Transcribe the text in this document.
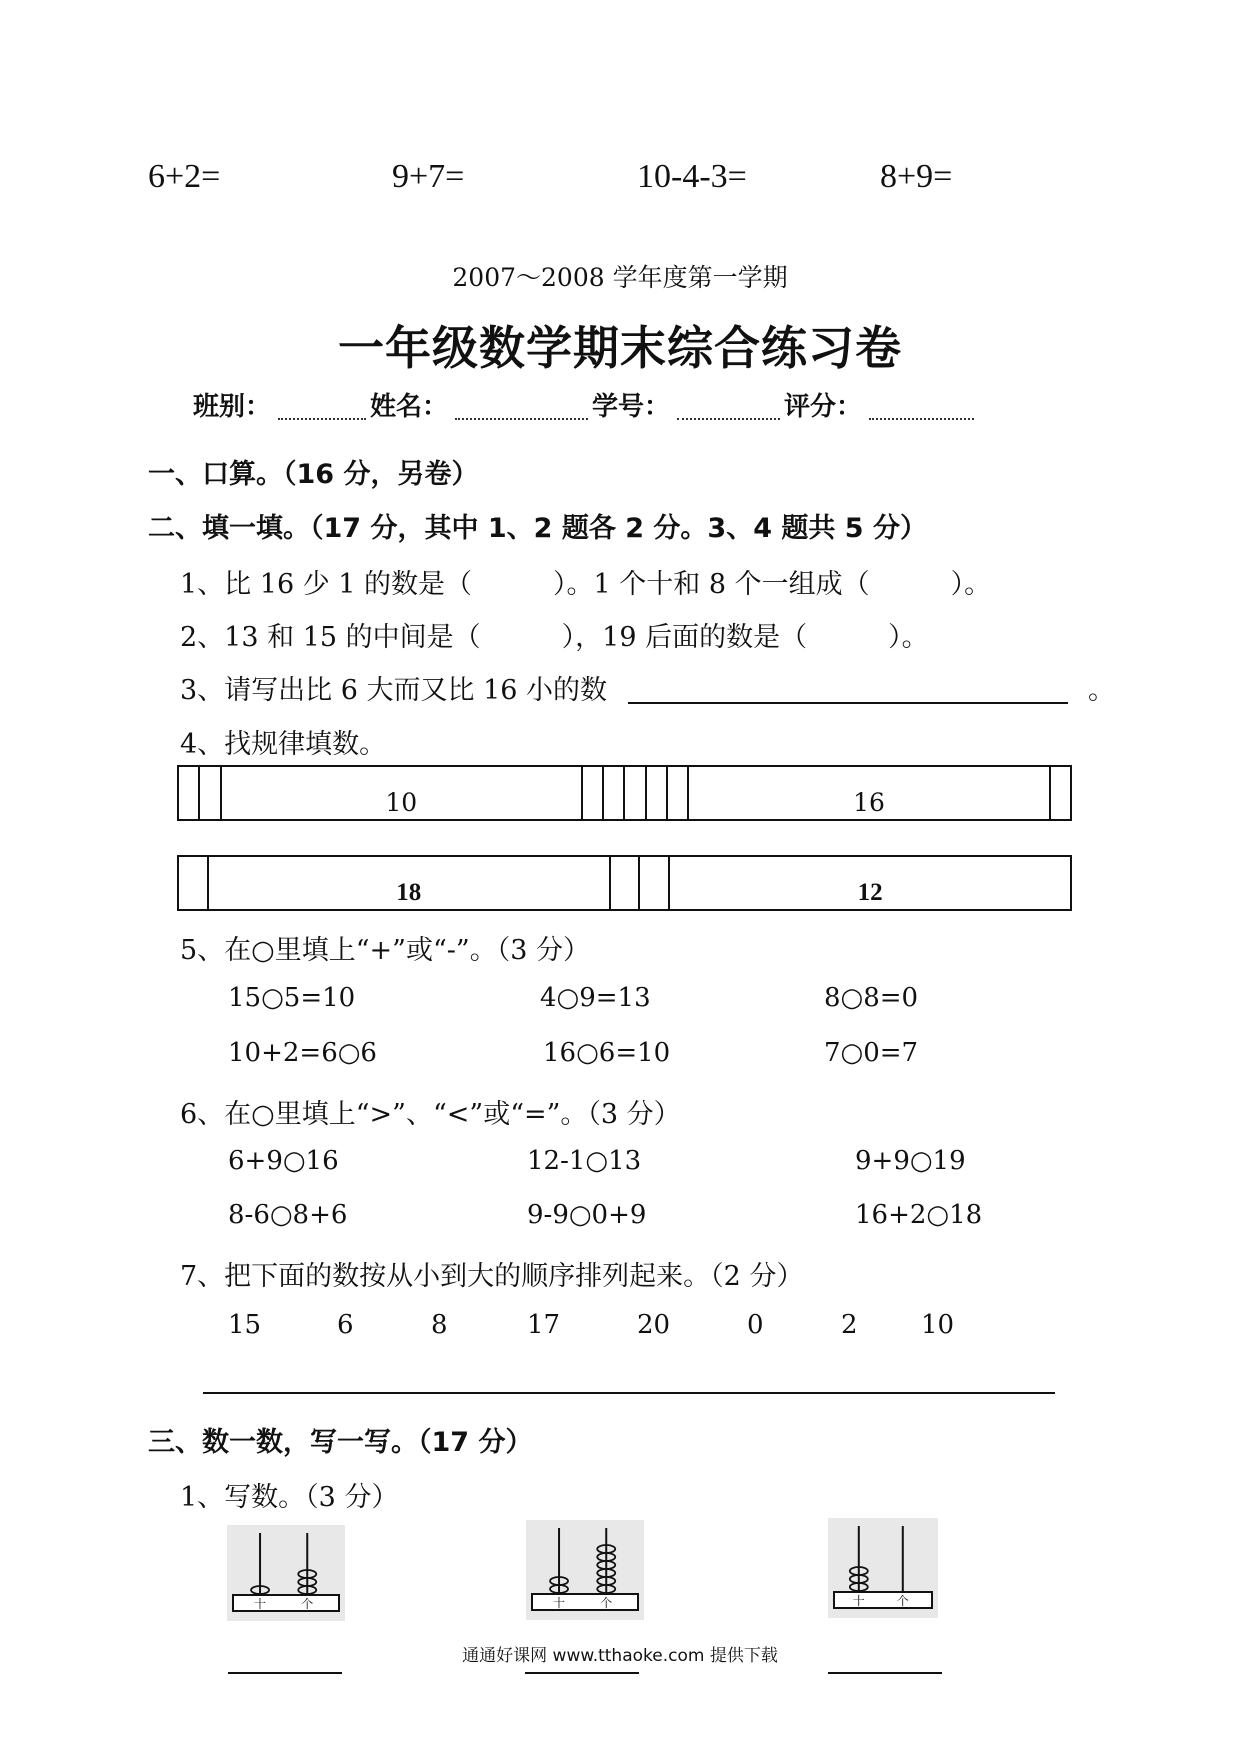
6+2=	9+7=	10-4-3=	8+9=
2007～2008 学年度第一学期
一年级数学期末综合练习卷
班别：	姓名：	学号：	评分：
一、口算。（16 分，另卷）
二、填一填。（17 分，其中 1、2 题各 2 分。3、4 题共 5 分）
1、比 16 少 1 的数是（　　　）。1 个十和 8 个一组成（　　　）。
2、13 和 15 的中间是（　　　），19 后面的数是（　　　）。
3、请写出比 6 大而又比 16 小的数	。
4、找规律填数。
		10						16	
	18			12
5、在○里填上“+”或“-”。（3 分）
15○5=10	4○9=13	8○8=0
10+2=6○6	16○6=10	7○0=7
6、在○里填上“>”、“<”或“=”。（3 分）
6+9○16	12-1○13	9+9○19
8-6○8+6	9-9○0+9	16+2○18
7、把下面的数按从小到大的顺序排列起来。（2 分）
15	6	8	17	20	0	2 10
三、数一数，写一写。（17 分）
1、写数。（3 分）
十	个	十	个	十	个
通通好课网 www.tthaoke.com 提供下载
